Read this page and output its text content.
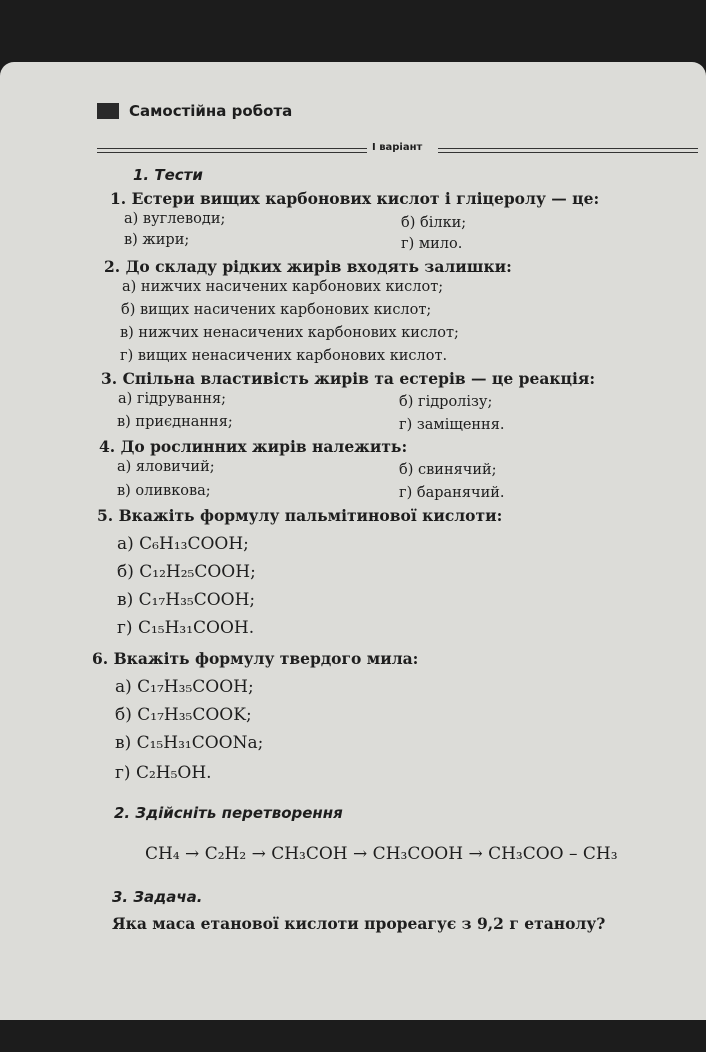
Самостійна робота
І варіант
1. Тести
1. Естери вищих карбонових кислот і гліцеролу — це:
а) вуглеводи;	б) білки;
в) жири;	г) мило.
2. До складу рідких жирів входять залишки:
а) нижчих насичених карбонових кислот;
б) вищих насичених карбонових кислот;
в) нижчих ненасичених карбонових кислот;
г) вищих ненасичених карбонових кислот.
3. Спільна властивість жирів та естерів — це реакція:
а) гідрування;	б) гідролізу;
в) приєднання;	г) заміщення.
4. До рослинних жирів належить:
а) яловичий;	б) свинячий;
в) оливкова;	г) баранячий.
5. Вкажіть формулу пальмітинової кислоти:
а) C₆H₁₃COOH;
б) C₁₂H₂₅COOH;
в) C₁₇H₃₅COOH;
г) C₁₅H₃₁COOH.
6. Вкажіть формулу твердого мила:
а) C₁₇H₃₅COOH;
б) C₁₇H₃₅COOK;
в) C₁₅H₃₁COONa;
г) C₂H₅OH.
2. Здійсніть перетворення
CH₄ → C₂H₂ → CH₃COH → CH₃COOH → CH₃COO – CH₃
3. Задача.
Яка маса етанової кислоти прореагує з 9,2 г етанолу?
